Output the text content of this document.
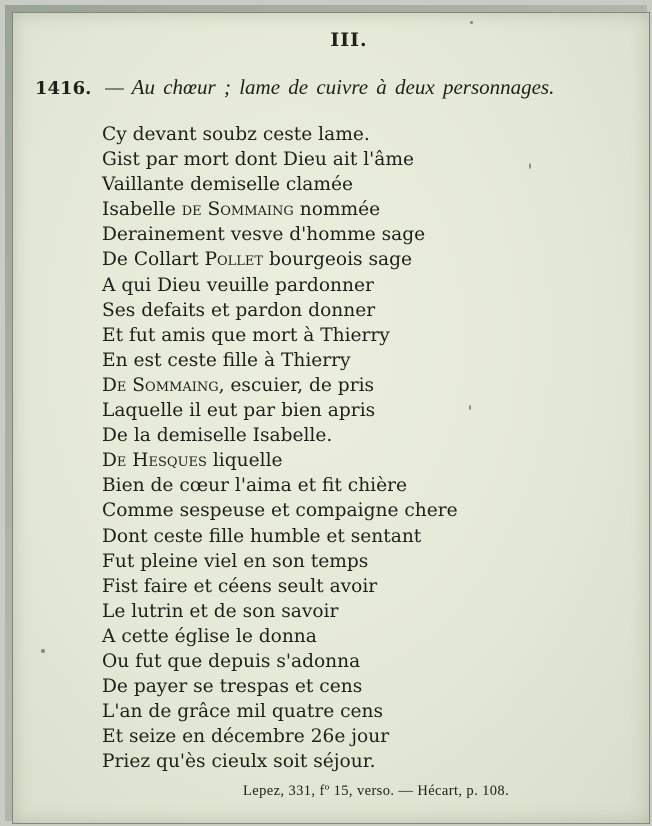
III.
1416. — Au chœur ; lame de cuivre à deux personnages.
Cy devant soubz ceste lame.
Gist par mort dont Dieu ait l'âme
Vaillante demiselle clamée
Isabelle de Sommaing nommée
Derainement vesve d'homme sage
De Collart Pollet bourgeois sage
A qui Dieu veuille pardonner
Ses defaits et pardon donner
Et fut amis que mort à Thierry
En est ceste fille à Thierry
De Sommaing, escuier, de pris
Laquelle il eut par bien apris
De la demiselle Isabelle.
De Hesques liquelle
Bien de cœur l'aima et fit chière
Comme sespeuse et compaigne chere
Dont ceste fille humble et sentant
Fut pleine viel en son temps
Fist faire et céens seult avoir
Le lutrin et de son savoir
A cette église le donna
Ou fut que depuis s'adonna
De payer se trespas et cens
L'an de grâce mil quatre cens
Et seize en décembre 26e jour
Priez qu'ès cieulx soit séjour.
Lepez, 331, fº 15, verso. — Hécart, p. 108.
